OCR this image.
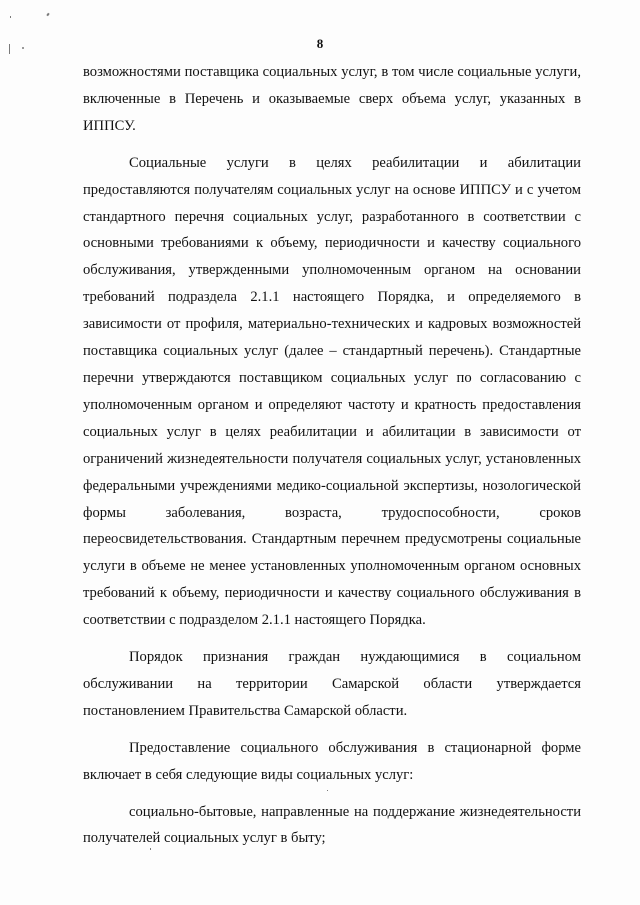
8

возможностями поставщика социальных услуг, в том числе социальные услуги, включенные в Перечень и оказываемые сверх объема услуг, указанных в ИППСУ.

Социальные услуги в целях реабилитации и абилитации предоставляются получателям социальных услуг на основе ИППСУ и с учетом стандартного перечня социальных услуг, разработанного в соответствии с основными требованиями к объему, периодичности и качеству социального обслуживания, утвержденными уполномоченным органом на основании требований подраздела 2.1.1 настоящего Порядка, и определяемого в зависимости от профиля, материально-технических и кадровых возможностей поставщика социальных услуг (далее – стандартный перечень). Стандартные перечни утверждаются поставщиком социальных услуг по согласованию с уполномоченным органом и определяют частоту и кратность предоставления социальных услуг в целях реабилитации и абилитации в зависимости от ограничений жизнедеятельности получателя социальных услуг, установленных федеральными учреждениями медико-социальной экспертизы, нозологической формы заболевания, возраста, трудоспособности, сроков переосвидетельствования. Стандартным перечнем предусмотрены социальные услуги в объеме не менее установленных уполномоченным органом основных требований к объему, периодичности и качеству социального обслуживания в соответствии с подразделом 2.1.1 настоящего Порядка.

Порядок признания граждан нуждающимися в социальном обслуживании на территории Самарской области утверждается постановлением Правительства Самарской области.

Предоставление социального обслуживания в стационарной форме включает в себя следующие виды социальных услуг:

социально-бытовые, направленные на поддержание жизнедеятельности получателей социальных услуг в быту;
